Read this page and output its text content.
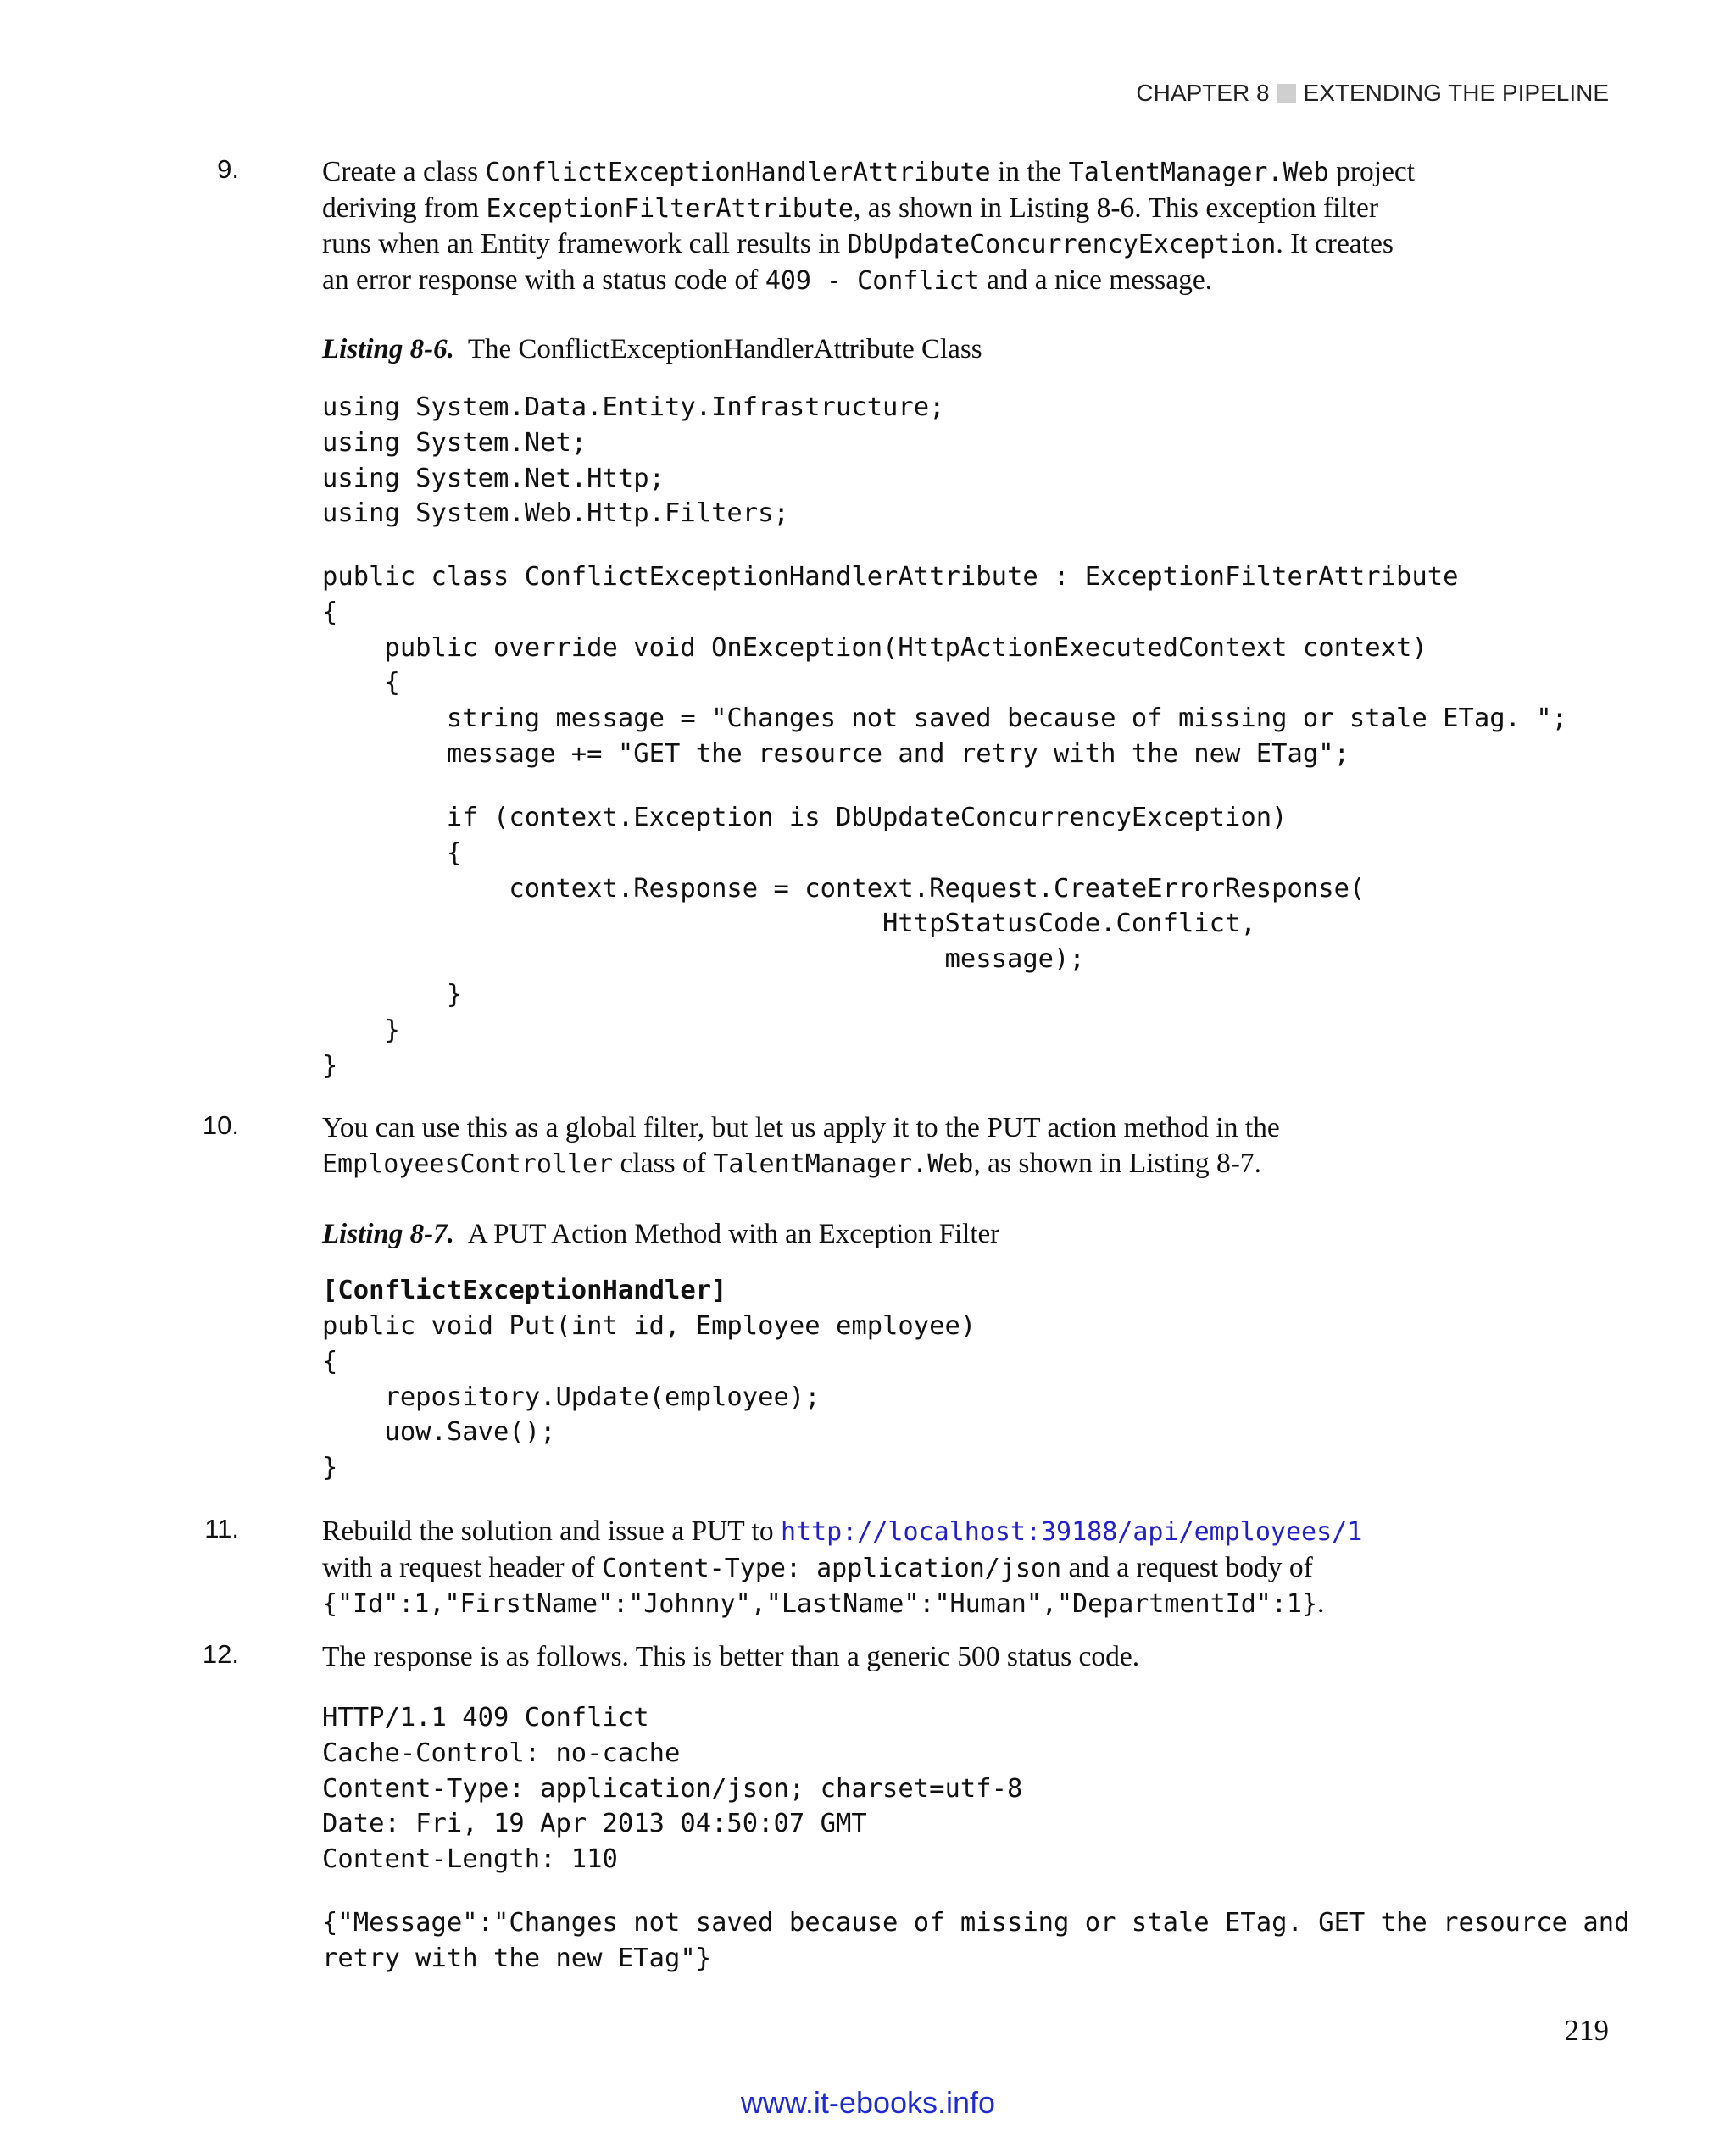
CHAPTER 8 EXTENDING THE PIPELINE
9.	Create a class ConflictExceptionHandlerAttribute in the TalentManager.Web project
deriving from ExceptionFilterAttribute, as shown in Listing 8-6. This exception filter
runs when an Entity framework call results in DbUpdateConcurrencyException. It creates
an error response with a status code of 409 - Conflict and a nice message.

Listing 8-6. The ConflictExceptionHandlerAttribute Class
using System.Data.Entity.Infrastructure;
using System.Net;
using System.Net.Http;
using System.Web.Http.Filters;
public class ConflictExceptionHandlerAttribute : ExceptionFilterAttribute
{
public override void OnException(HttpActionExecutedContext context)
{
string message = "Changes not saved because of missing or stale ETag. ";
message += "GET the resource and retry with the new ETag";
if (context.Exception is DbUpdateConcurrencyException)
{
context.Response = context.Request.CreateErrorResponse(
HttpStatusCode.Conflict,
message);
}
}
}
10.	You can use this as a global filter, but let us apply it to the PUT action method in the
EmployeesController class of TalentManager.Web, as shown in Listing 8-7.

Listing 8-7. A PUT Action Method with an Exception Filter
[ConflictExceptionHandler]
public void Put(int id, Employee employee)
{
repository.Update(employee);
uow.Save();
}
11.	Rebuild the solution and issue a PUT to http://localhost:39188/api/employees/1
with a request header of Content-Type: application/json and a request body of
{"Id":1,"FirstName":"Johnny","LastName":"Human","DepartmentId":1}.

12.	The response is as follows. This is better than a generic 500 status code.

HTTP/1.1 409 Conflict
Cache-Control: no-cache
Content-Type: application/json; charset=utf-8
Date: Fri, 19 Apr 2013 04:50:07 GMT
Content-Length: 110
{"Message":"Changes not saved because of missing or stale ETag. GET the resource and
retry with the new ETag"}
219
www.it-ebooks.info
